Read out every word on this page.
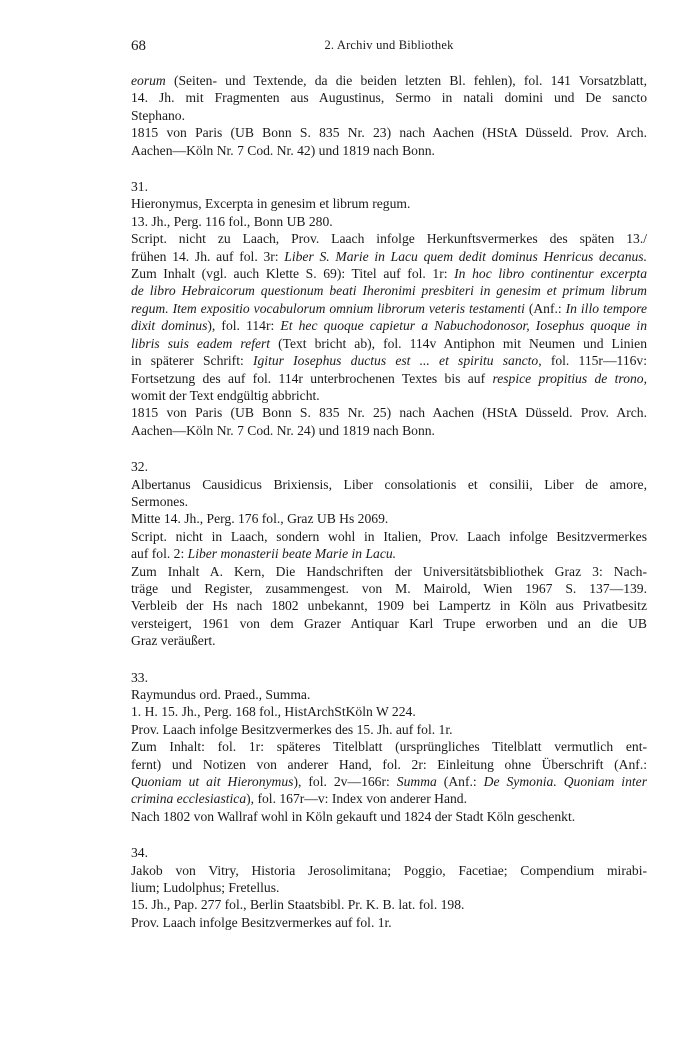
68	2. Archiv und Bibliothek
eorum (Seiten- und Textende, da die beiden letzten Bl. fehlen), fol. 141 Vorsatzblatt,
14. Jh. mit Fragmenten aus Augustinus, Sermo in natali domini und De sancto
Stephano.
1815 von Paris (UB Bonn S. 835 Nr. 23) nach Aachen (HStA Düsseld. Prov. Arch.
Aachen—Köln Nr. 7 Cod. Nr. 42) und 1819 nach Bonn.
31.
Hieronymus, Excerpta in genesim et librum regum.
13. Jh., Perg. 116 fol., Bonn UB 280.
Script. nicht zu Laach, Prov. Laach infolge Herkunftsvermerkes des späten 13./
frühen 14. Jh. auf fol. 3r: Liber S. Marie in Lacu quem dedit dominus Henricus decanus.
Zum Inhalt (vgl. auch Klette S. 69): Titel auf fol. 1r: In hoc libro continentur excerpta
de libro Hebraicorum questionum beati Iheronimi presbiteri in genesim et primum librum
regum. Item expositio vocabulorum omnium librorum veteris testamenti (Anf.: In illo tempore
dixit dominus), fol. 114r: Et hec quoque capietur a Nabuchodonosor, Iosephus quoque in
libris suis eadem refert (Text bricht ab), fol. 114v Antiphon mit Neumen und Linien
in späterer Schrift: Igitur Iosephus ductus est ... et spiritu sancto, fol. 115r—116v:
Fortsetzung des auf fol. 114r unterbrochenen Textes bis auf respice propitius de trono,
womit der Text endgültig abbricht.
1815 von Paris (UB Bonn S. 835 Nr. 25) nach Aachen (HStA Düsseld. Prov. Arch.
Aachen—Köln Nr. 7 Cod. Nr. 24) und 1819 nach Bonn.
32.
Albertanus Causidicus Brixiensis, Liber consolationis et consilii, Liber de amore,
Sermones.
Mitte 14. Jh., Perg. 176 fol., Graz UB Hs 2069.
Script. nicht in Laach, sondern wohl in Italien, Prov. Laach infolge Besitzvermerkes
auf fol. 2: Liber monasterii beate Marie in Lacu.
Zum Inhalt A. Kern, Die Handschriften der Universitätsbibliothek Graz 3: Nach-
träge und Register, zusammengest. von M. Mairold, Wien 1967 S. 137—139.
Verbleib der Hs nach 1802 unbekannt, 1909 bei Lampertz in Köln aus Privatbesitz
versteigert, 1961 von dem Grazer Antiquar Karl Trupe erworben und an die UB
Graz veräußert.
33.
Raymundus ord. Praed., Summa.
1. H. 15. Jh., Perg. 168 fol., HistArchStKöln W 224.
Prov. Laach infolge Besitzvermerkes des 15. Jh. auf fol. 1r.
Zum Inhalt: fol. 1r: späteres Titelblatt (ursprüngliches Titelblatt vermutlich ent-
fernt) und Notizen von anderer Hand, fol. 2r: Einleitung ohne Überschrift (Anf.:
Quoniam ut ait Hieronymus), fol. 2v—166r: Summa (Anf.: De Symonia. Quoniam inter
crimina ecclesiastica), fol. 167r—v: Index von anderer Hand.
Nach 1802 von Wallraf wohl in Köln gekauft und 1824 der Stadt Köln geschenkt.
34.
Jakob von Vitry, Historia Jerosolimitana; Poggio, Facetiae; Compendium mirabi-
lium; Ludolphus; Fretellus.
15. Jh., Pap. 277 fol., Berlin Staatsbibl. Pr. K. B. lat. fol. 198.
Prov. Laach infolge Besitzvermerkes auf fol. 1r.
